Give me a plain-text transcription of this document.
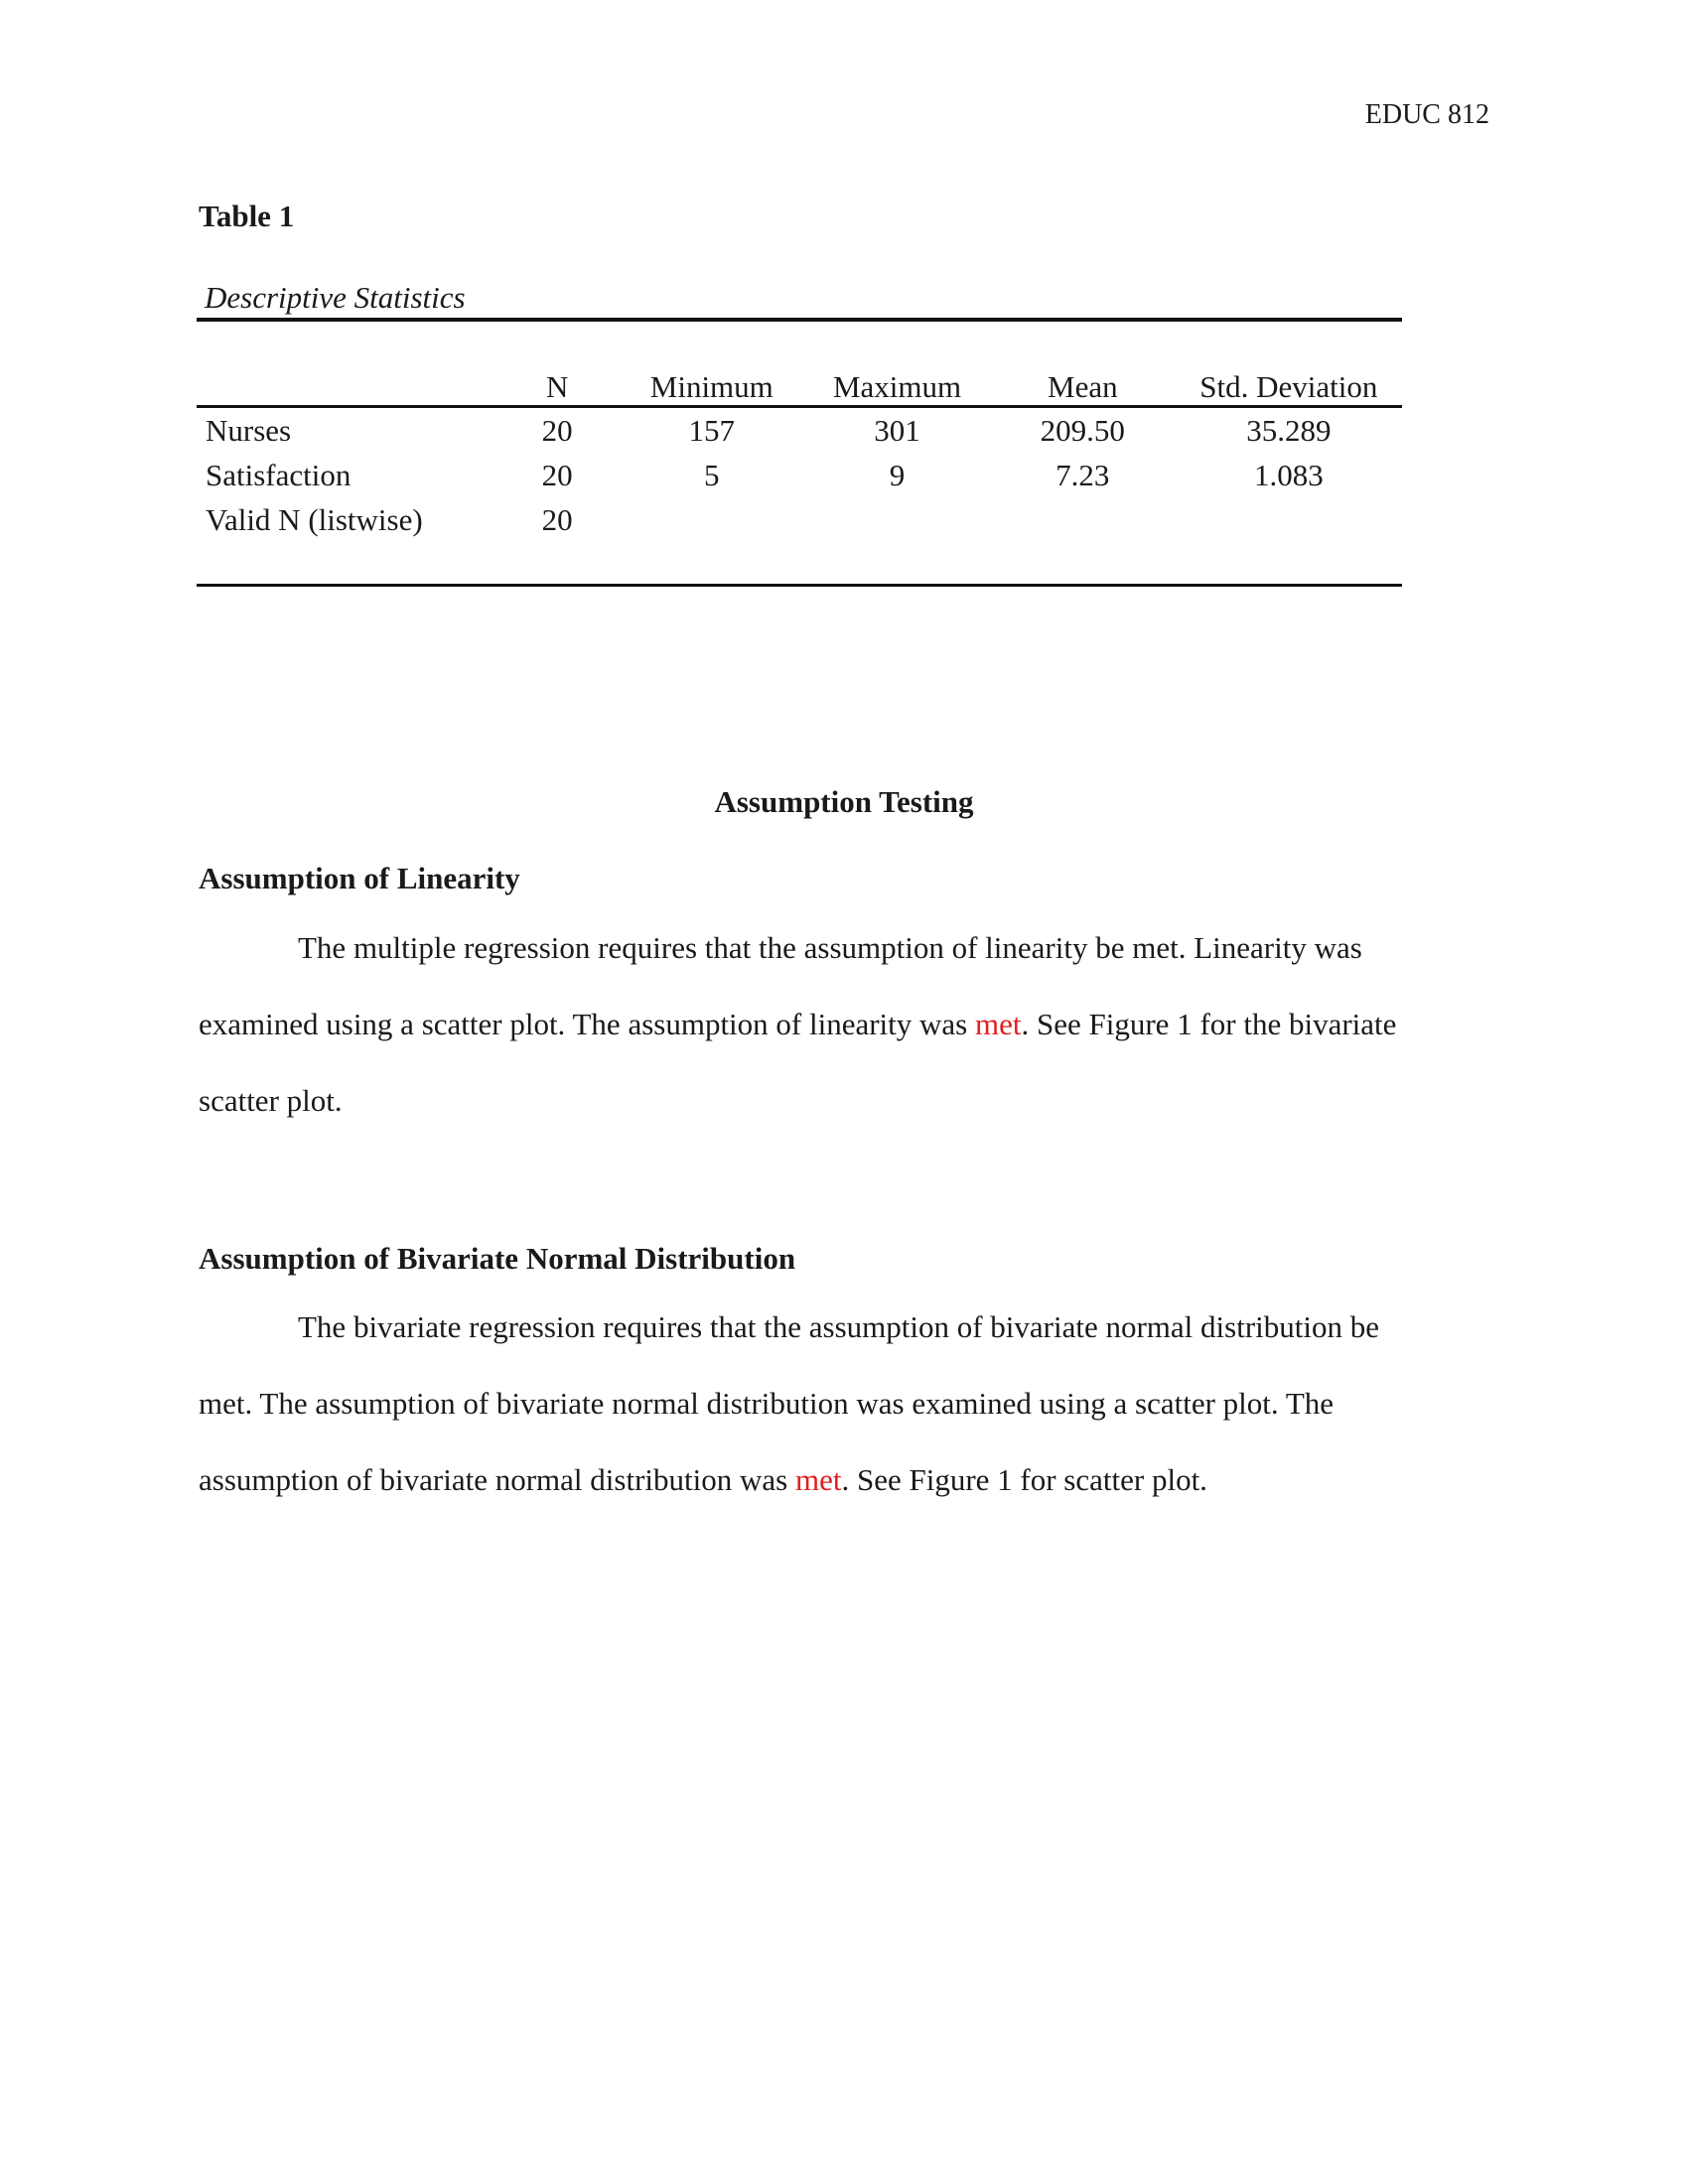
EDUC 812
Table 1
Descriptive Statistics
	N	Minimum	Maximum	Mean	Std. Deviation
Nurses	20	157	301	209.50	35.289
Satisfaction	20	5	9	7.23	1.083
Valid N (listwise)	20				

Assumption Testing
Assumption of Linearity

The multiple regression requires that the assumption of linearity be met. Linearity was
examined using a scatter plot. The assumption of linearity was met. See Figure 1 for the bivariate
scatter plot.

Assumption of Bivariate Normal Distribution

The bivariate regression requires that the assumption of bivariate normal distribution be
met. The assumption of bivariate normal distribution was examined using a scatter plot. The
assumption of bivariate normal distribution was met. See Figure 1 for scatter plot.
